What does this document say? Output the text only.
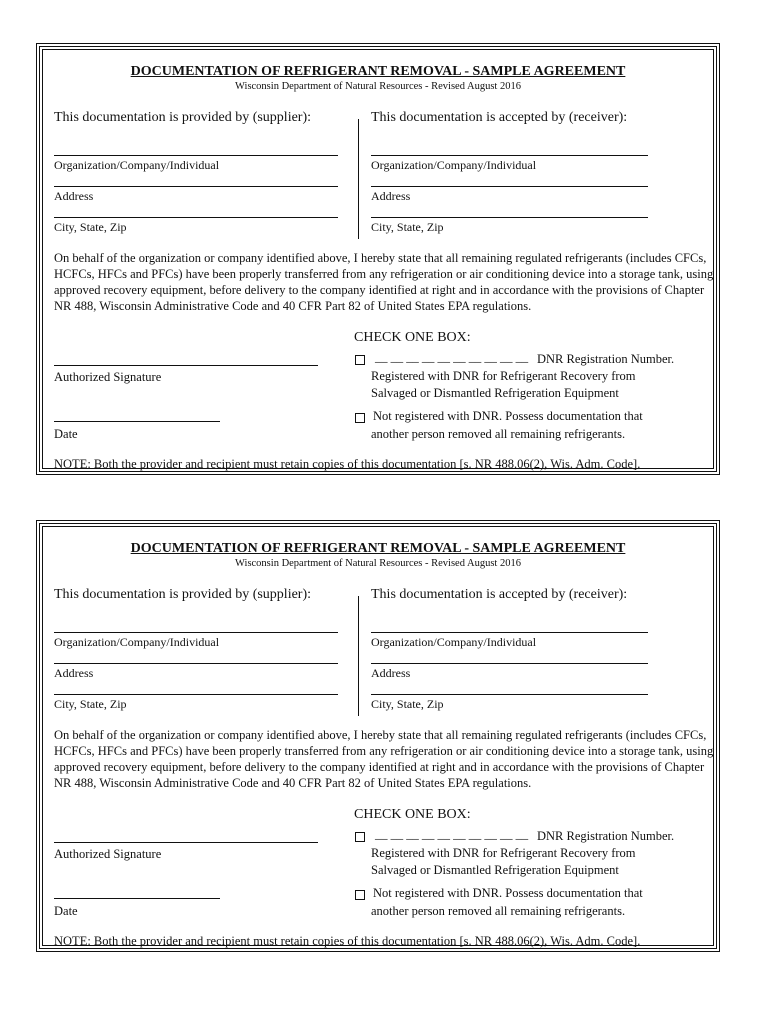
DOCUMENTATION OF REFRIGERANT REMOVAL - SAMPLE AGREEMENT
Wisconsin Department of Natural Resources - Revised August 2016
This documentation is provided by (supplier):	This documentation is accepted by (receiver):
Organization/Company/Individual
Address
City, State, Zip
Organization/Company/Individual
Address
City, State, Zip
On behalf of the organization or company identified above, I hereby state that all remaining regulated refrigerants (includes CFCs, HCFCs, HFCs and PFCs) have been properly transferred from any refrigeration or air conditioning device into a storage tank, using approved recovery equipment, before delivery to the company identified at right and in accordance with the provisions of Chapter NR 488, Wisconsin Administrative Code and 40 CFR Part 82 of United States EPA regulations.
CHECK ONE BOX:
__ __ __ __ __ __ __ __ __ __ DNR Registration Number.
Registered with DNR for Refrigerant Recovery from
Salvaged or Dismantled Refrigeration Equipment
Not registered with DNR. Possess documentation that
another person removed all remaining refrigerants.
Authorized Signature
Date
NOTE: Both the provider and recipient must retain copies of this documentation [s. NR 488.06(2), Wis. Adm. Code].
DOCUMENTATION OF REFRIGERANT REMOVAL - SAMPLE AGREEMENT
Wisconsin Department of Natural Resources - Revised August 2016
This documentation is provided by (supplier):	This documentation is accepted by (receiver):
Organization/Company/Individual
Address
City, State, Zip
Organization/Company/Individual
Address
City, State, Zip
On behalf of the organization or company identified above, I hereby state that all remaining regulated refrigerants (includes CFCs, HCFCs, HFCs and PFCs) have been properly transferred from any refrigeration or air conditioning device into a storage tank, using approved recovery equipment, before delivery to the company identified at right and in accordance with the provisions of Chapter NR 488, Wisconsin Administrative Code and 40 CFR Part 82 of United States EPA regulations.
CHECK ONE BOX:
__ __ __ __ __ __ __ __ __ __ DNR Registration Number.
Registered with DNR for Refrigerant Recovery from
Salvaged or Dismantled Refrigeration Equipment
Not registered with DNR. Possess documentation that
another person removed all remaining refrigerants.
Authorized Signature
Date
NOTE: Both the provider and recipient must retain copies of this documentation [s. NR 488.06(2), Wis. Adm. Code].
